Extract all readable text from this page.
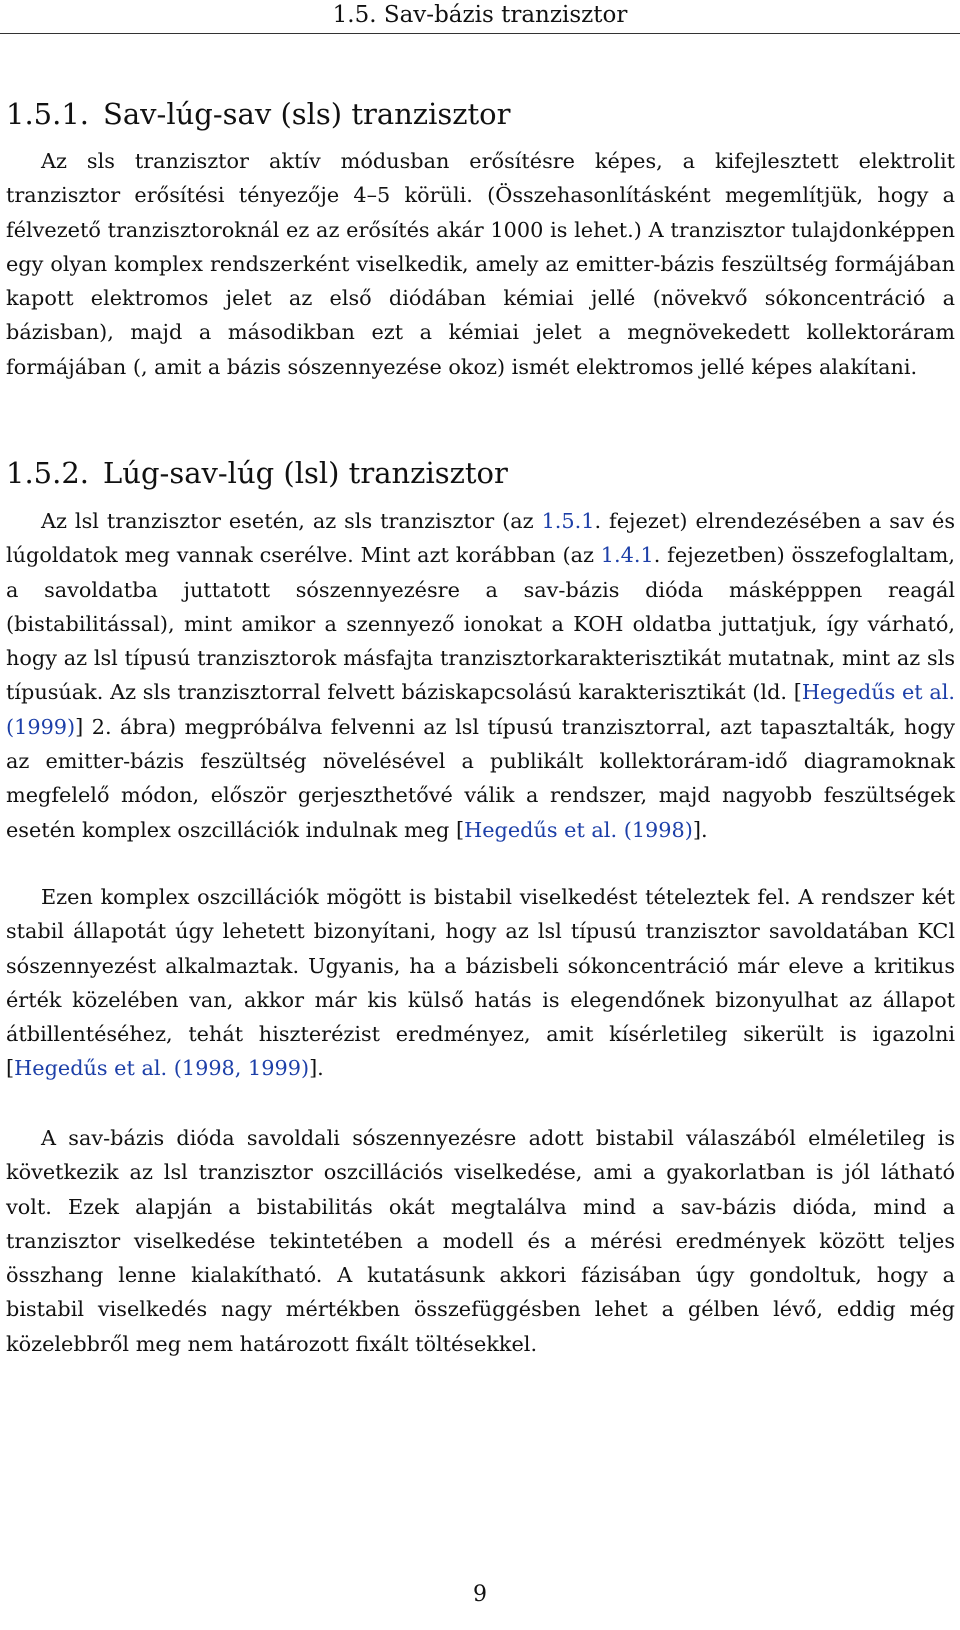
1.5. Sav-bázis tranzisztor
1.5.1. Sav-lúg-sav (sls) tranzisztor

Az sls tranzisztor aktív módusban erősítésre képes, a kifejlesztett elektrolit tranzisztor erősítési tényezője 4–5 körüli. (Összehasonlításként megemlítjük, hogy a félvezető tranzisztoroknál ez az erősítés akár 1000 is lehet.) A tranzisztor tulajdonképpen egy olyan komplex rendszerként viselkedik, amely az emitter-bázis feszültség formájában kapott elektromos jelet az első diódában kémiai jellé (növekvő sókoncentráció a bázisban), majd a másodikban ezt a kémiai jelet a megnövekedett kollektoráram formájában (, amit a bázis sószennyezése okoz) ismét elektromos jellé képes alakítani.

1.5.2. Lúg-sav-lúg (lsl) tranzisztor

Az lsl tranzisztor esetén, az sls tranzisztor (az 1.5.1. fejezet) elrendezésében a sav és lúgoldatok meg vannak cserélve. Mint azt korábban (az 1.4.1. fejezetben) összefoglaltam, a savoldatba juttatott sószennyezésre a sav-bázis dióda másképppen reagál (bistabilitással), mint amikor a szennyező ionokat a KOH oldatba juttatjuk, így várható, hogy az lsl típusú tranzisztorok másfajta tranzisztorkarakterisztikát mutatnak, mint az sls típusúak. Az sls tranzisztorral felvett báziskapcsolású karakterisztikát (ld. [Hegedűs et al. (1999)] 2. ábra) megpróbálva felvenni az lsl típusú tranzisztorral, azt tapasztalták, hogy az emitter-bázis feszültség növelésével a publikált kollektoráram-idő diagramoknak megfelelő módon, először gerjeszthetővé válik a rendszer, majd nagyobb feszültségek esetén komplex oszcillációk indulnak meg [Hegedűs et al. (1998)].

Ezen komplex oszcillációk mögött is bistabil viselkedést tételeztek fel. A rendszer két stabil állapotát úgy lehetett bizonyítani, hogy az lsl típusú tranzisztor savoldatában KCl sószennyezést alkalmaztak. Ugyanis, ha a bázisbeli sókoncentráció már eleve a kritikus érték közelében van, akkor már kis külső hatás is elegendőnek bizonyulhat az állapot átbillentéséhez, tehát hiszterézist eredményez, amit kísérletileg sikerült is igazolni [Hegedűs et al. (1998, 1999)].

A sav-bázis dióda savoldali sószennyezésre adott bistabil válaszából elméletileg is következik az lsl tranzisztor oszcillációs viselkedése, ami a gyakorlatban is jól látható volt. Ezek alapján a bistabilitás okát megtalálva mind a sav-bázis dióda, mind a tranzisztor viselkedése tekintetében a modell és a mérési eredmények között teljes összhang lenne kialakítható. A kutatásunk akkori fázisában úgy gondoltuk, hogy a bistabil viselkedés nagy mértékben összefüggésben lehet a gélben lévő, eddig még közelebbről meg nem határozott fixált töltésekkel.

9
